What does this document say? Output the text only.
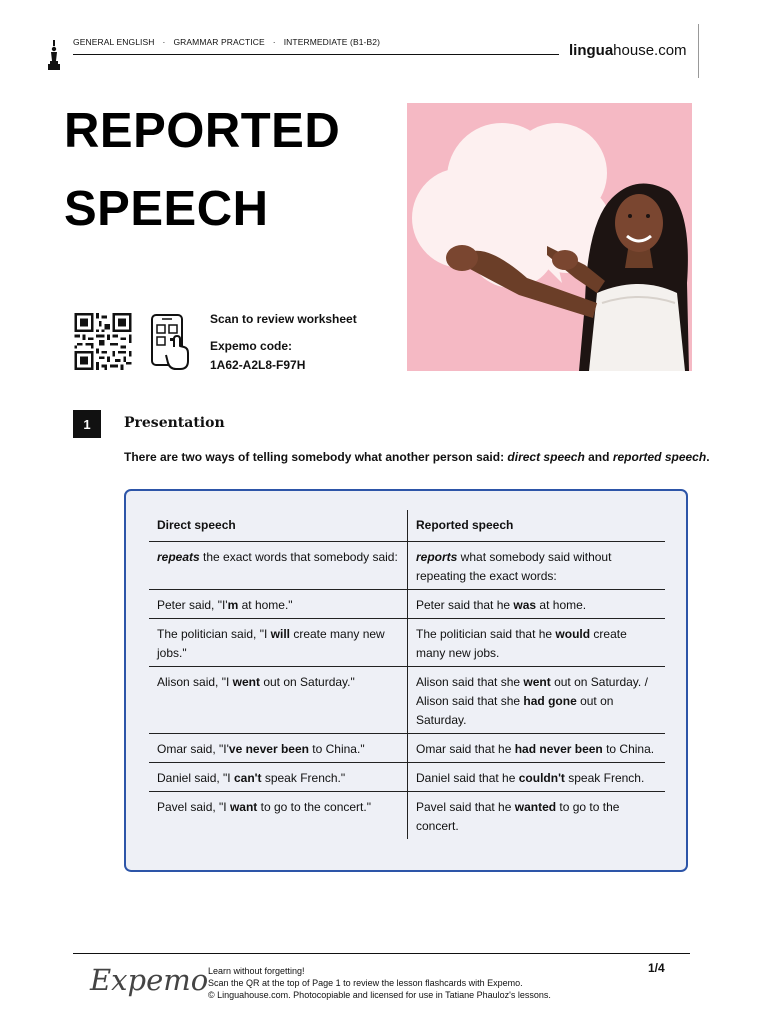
GENERAL ENGLISH · GRAMMAR PRACTICE · INTERMEDIATE (B1-B2)	linguahouse.com
REPORTED
SPEECH
Scan to review worksheet
Expemo code:
1A62-A2L8-F97H
1	Presentation
There are two ways of telling somebody what another person said: direct speech and reported speech.
Direct speech	Reported speech
repeats the exact words that somebody said:	reports what somebody said without repeating the exact words:
Peter said, "I'm at home."	Peter said that he was at home.
The politician said, "I will create many new jobs."	The politician said that he would create many new jobs.
Alison said, "I went out on Saturday."	Alison said that she went out on Saturday. / Alison said that she had gone out on Saturday.
Omar said, "I've never been to China."	Omar said that he had never been to China.
Daniel said, "I can't speak French."	Daniel said that he couldn't speak French.
Pavel said, "I want to go to the concert."	Pavel said that he wanted to go to the concert.
Expemo Learn without forgetting!
Scan the QR at the top of Page 1 to review the lesson flashcards with Expemo.
© Linguahouse.com. Photocopiable and licensed for use in Tatiane Phauloz's lessons.
1/4
